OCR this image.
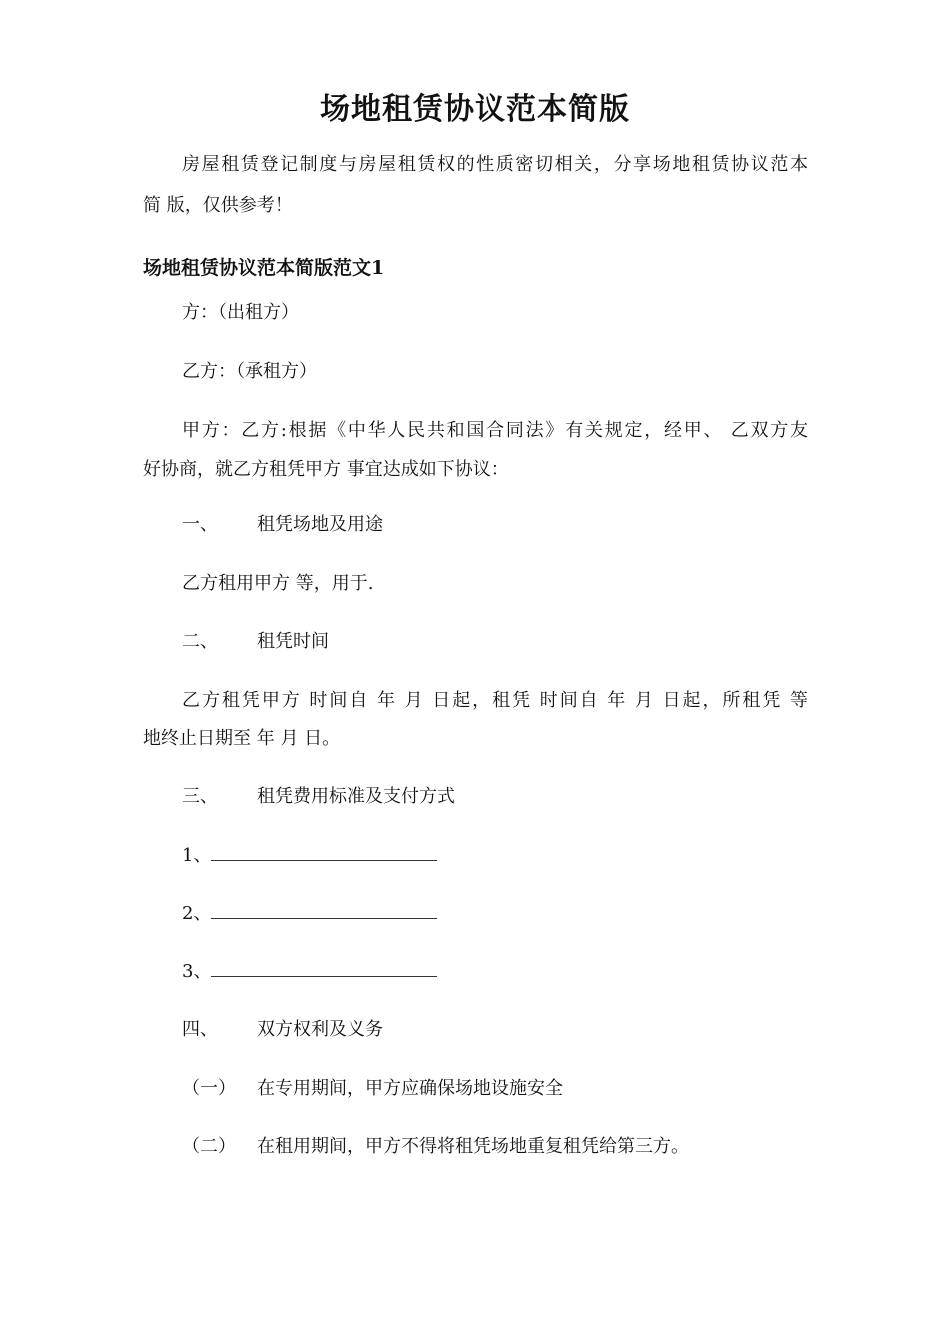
场地租赁协议范本简版
房屋租赁登记制度与房屋租赁权的性质密切相关，分享场地租赁协议范本
简 版，仅供参考！
场地租赁协议范本简版范文1
方：（出租方）
乙方：（承租方）
甲方：乙方:根据《中华人民共和国合同法》有关规定，经甲、 乙双方友
好协商，就乙方租凭甲方 事宜达成如下协议：
一、 租凭场地及用途
乙方租用甲方 等，用于.
二、 租凭时间
乙方租凭甲方 时间自 年 月 日起，租凭 时间自 年 月 日起，所租凭 等
地终止日期至 年 月 日。
三、 租凭费用标准及支付方式
1、
2、
3、
四、 双方权利及义务
（一） 在专用期间，甲方应确保场地设施安全
（二） 在租用期间，甲方不得将租凭场地重复租凭给第三方。
